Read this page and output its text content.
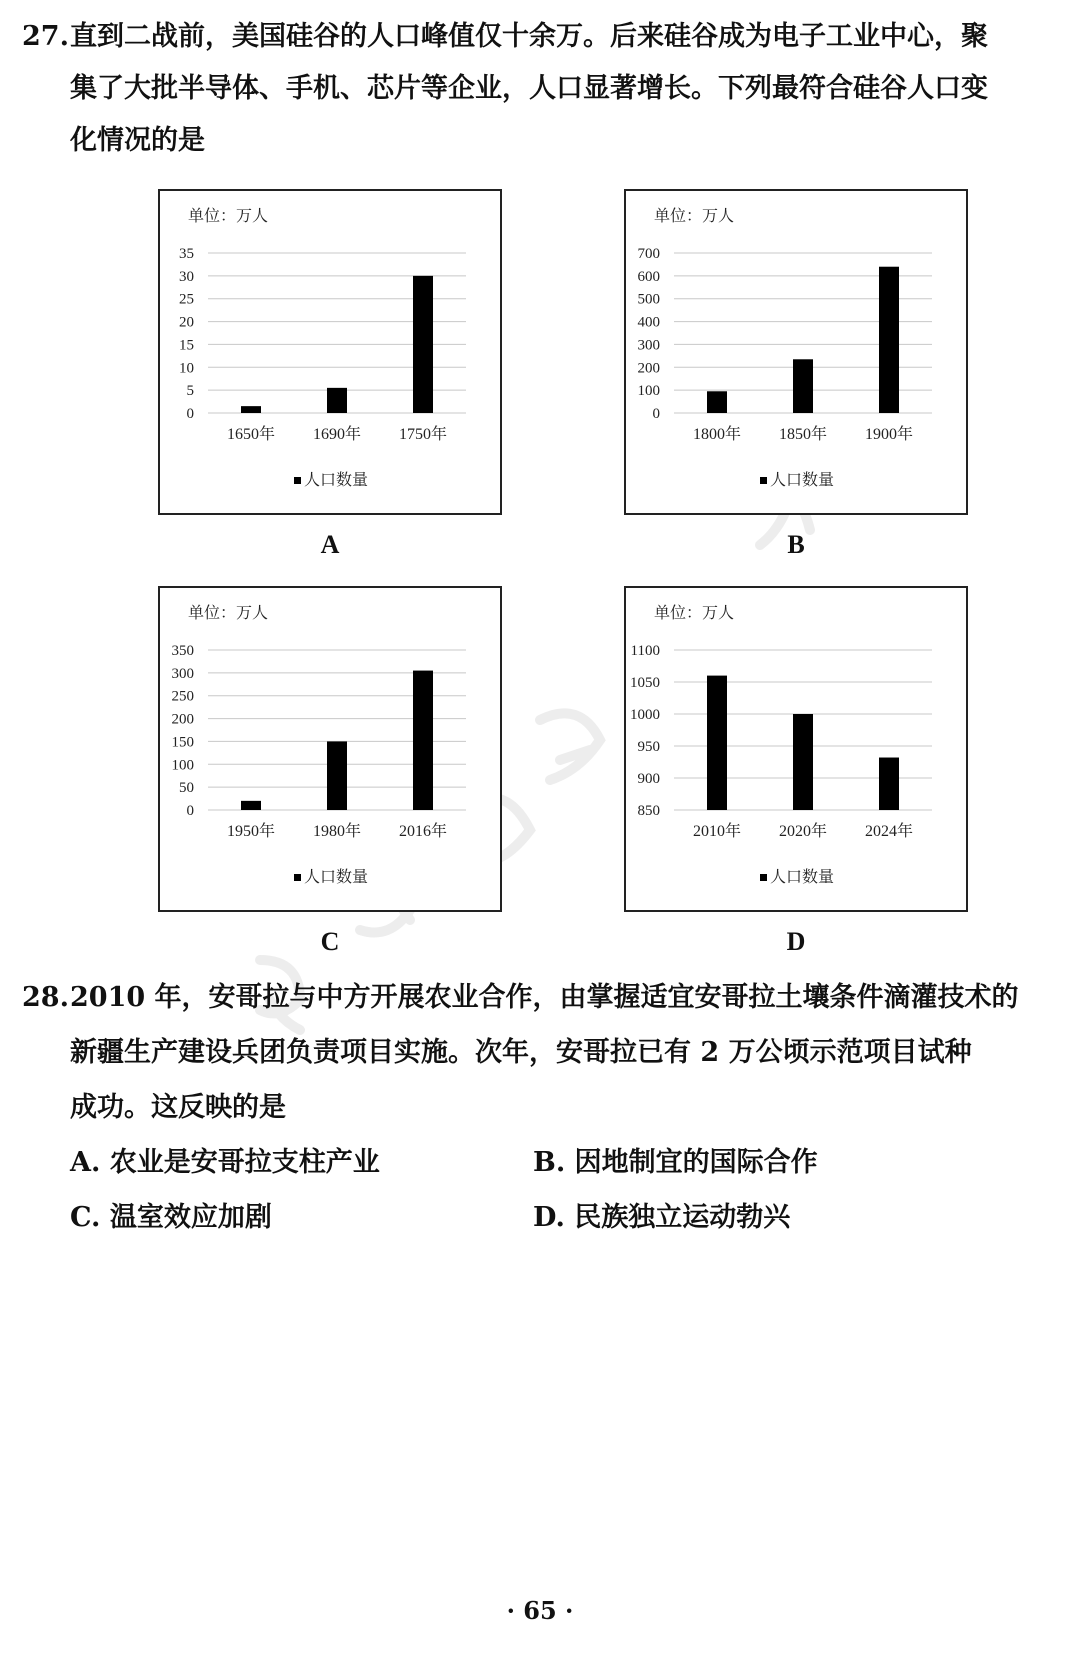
27. 直到二战前，美国硅谷的人口峰值仅十余万。后来硅谷成为电子工业中心，聚
集了大批半导体、手机、芯片等企业，人口显著增长。下列最符合硅谷人口变
化情况的是
单位：万人
0
5
10
15
20
25
30
35
1650年 1690年 1750年
人口数量
A
单位：万人
0
100
200
300
400
500
600
700
1800年 1850年 1900年
人口数量
B
单位：万人
0
50
100
150
200
250
300
350
1950年 1980年 2016年
人口数量
C
单位：万人
850
900
950
1000
1050
1100
2010年 2020年 2024年
人口数量
D
28. 2010 年，安哥拉与中方开展农业合作，由掌握适宜安哥拉土壤条件滴灌技术的
新疆生产建设兵团负责项目实施。次年，安哥拉已有 2 万公顷示范项目试种
成功。这反映的是
A. 农业是安哥拉支柱产业	B. 因地制宜的国际合作
C. 温室效应加剧	D. 民族独立运动勃兴
· 65 ·
